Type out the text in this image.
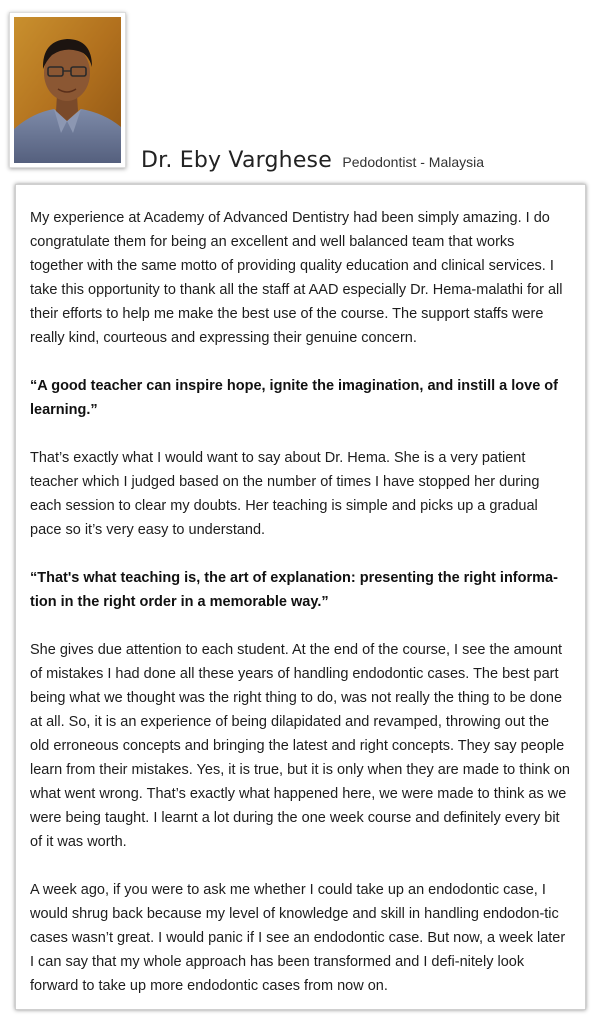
Dr. Eby Varghese Pedodontist - Malaysia

My experience at Academy of Advanced Dentistry had been simply amazing. I do congratulate them for being an excellent and well balanced team that works together with the same motto of providing quality education and clinical services. I take this opportunity to thank all the staff at AAD especially Dr. Hema-malathi for all their efforts to help me make the best use of the course. The support staffs were really kind, courteous and expressing their genuine concern.

“A good teacher can inspire hope, ignite the imagination, and instill a love of learning.”

That’s exactly what I would want to say about Dr. Hema. She is a very patient teacher which I judged based on the number of times I have stopped her during each session to clear my doubts. Her teaching is simple and picks up a gradual pace so it’s very easy to understand.

“That's what teaching is, the art of explanation: presenting the right informa-tion in the right order in a memorable way.”

She gives due attention to each student. At the end of the course, I see the amount of mistakes I had done all these years of handling endodontic cases. The best part being what we thought was the right thing to do, was not really the thing to be done at all. So, it is an experience of being dilapidated and revamped, throwing out the old erroneous concepts and bringing the latest and right concepts. They say people learn from their mistakes. Yes, it is true, but it is only when they are made to think on what went wrong. That’s exactly what happened here, we were made to think as we were being taught. I learnt a lot during the one week course and definitely every bit of it was worth.

A week ago, if you were to ask me whether I could take up an endodontic case, I would shrug back because my level of knowledge and skill in handling endodon-tic cases wasn’t great. I would panic if I see an endodontic case. But now, a week later I can say that my whole approach has been transformed and I defi-nitely look forward to take up more endodontic cases from now on.
